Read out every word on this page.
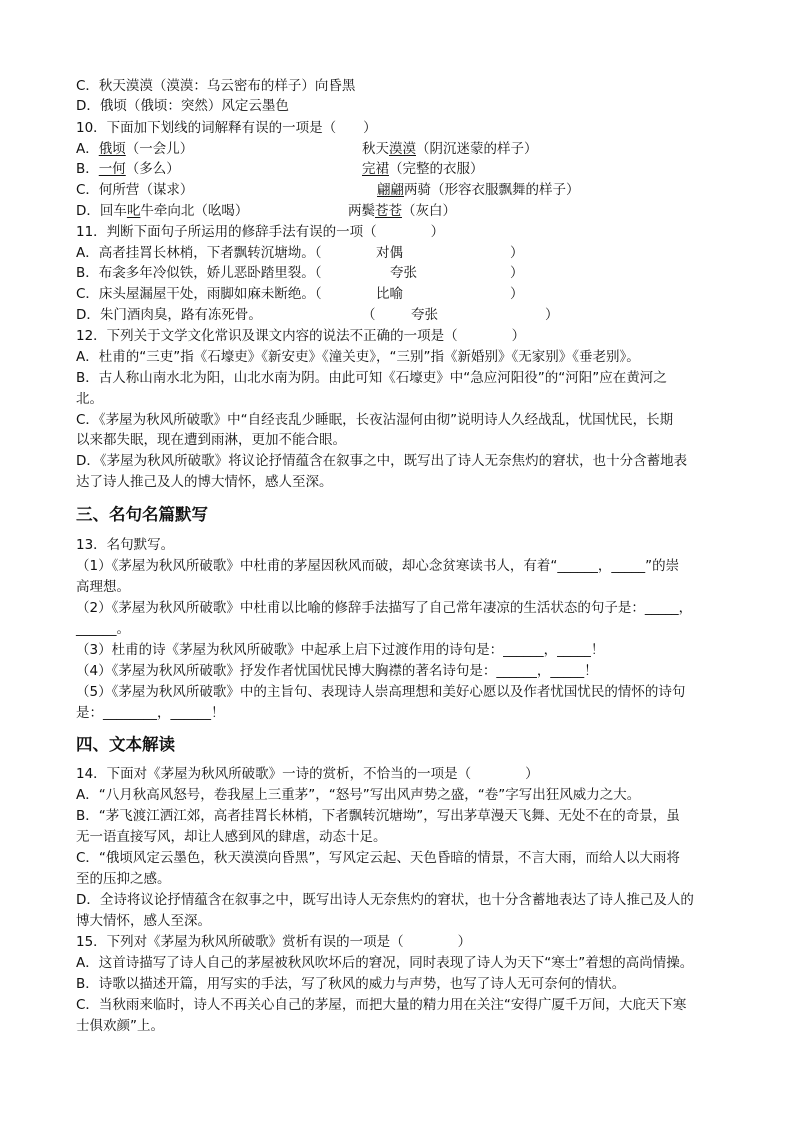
C．秋天漠漠（漠漠：乌云密布的样子）向昏黑
D．俄顷（俄顷：突然）风定云墨色
10．下面加下划线的词解释有误的一项是（　　）
A．俄顷（一会儿）	秋天漠漠（阴沉迷蒙的样子）
B．一何（多么）	完裙（完整的衣服）
C．何所营（谋求）	翩翩两骑（形容衣服飘舞的样子）
D．回车叱牛牵向北（吆喝）	两鬓苍苍（灰白）
11．判断下面句子所运用的修辞手法有误的一项（　　　　）
A．高者挂罥长林梢，下者飘转沉塘坳。（	对偶	）
B．布衾多年冷似铁，娇儿恶卧踏里裂。（	夸张	）
C．床头屋漏屋干处，雨脚如麻未断绝。（	比喻	）
D．朱门酒肉臭，路有冻死骨。	（	夸张	）
12．下列关于文学文化常识及课文内容的说法不正确的一项是（　　　　）
A．杜甫的“三吏”指《石壕吏》《新安吏》《潼关吏》，“三别”指《新婚别》《无家别》《垂老别》。
B．古人称山南水北为阳，山北水南为阴。由此可知《石壕吏》中“急应河阳役”的“河阳”应在黄河之
北。
C．《茅屋为秋风所破歌》中“自经丧乱少睡眠，长夜沾湿何由彻”说明诗人久经战乱，忧国忧民，长期
以来都失眠，现在遭到雨淋，更加不能合眼。
D．《茅屋为秋风所破歌》将议论抒情蕴含在叙事之中，既写出了诗人无奈焦灼的窘状，也十分含蓄地表
达了诗人推己及人的博大情怀，感人至深。
三、名句名篇默写
13．名句默写。
（1）《茅屋为秋风所破歌》中杜甫的茅屋因秋风而破，却心念贫寒读书人，有着“______，_____”的崇
高理想。
（2）《茅屋为秋风所破歌》中杜甫以比喻的修辞手法描写了自己常年凄凉的生活状态的句子是：_____，
______。
（3）杜甫的诗《茅屋为秋风所破歌》中起承上启下过渡作用的诗句是：______，_____！
（4）《茅屋为秋风所破歌》抒发作者忧国忧民博大胸襟的著名诗句是：______，_____！
（5）《茅屋为秋风所破歌》中的主旨句、表现诗人崇高理想和美好心愿以及作者忧国忧民的情怀的诗句
是：________，______！
四、文本解读
14．下面对《茅屋为秋风所破歌》一诗的赏析，不恰当的一项是（　　　　）
A．“八月秋高风怒号，卷我屋上三重茅”，“怒号”写出风声势之盛，“卷”字写出狂风威力之大。
B．“茅飞渡江洒江郊，高者挂罥长林梢，下者飘转沉塘坳”，写出茅草漫天飞舞、无处不在的奇景，虽
无一语直接写风，却让人感到风的肆虐，动态十足。
C．“俄顷风定云墨色，秋天漠漠向昏黑”，写风定云起、天色昏暗的情景，不言大雨，而给人以大雨将
至的压抑之感。
D．全诗将议论抒情蕴含在叙事之中，既写出诗人无奈焦灼的窘状，也十分含蓄地表达了诗人推己及人的
博大情怀，感人至深。
15．下列对《茅屋为秋风所破歌》赏析有误的一项是（　　　　）
A．这首诗描写了诗人自己的茅屋被秋风吹坏后的窘况，同时表现了诗人为天下“寒士”着想的高尚情操。
B．诗歌以描述开篇，用写实的手法，写了秋风的威力与声势，也写了诗人无可奈何的情状。
C．当秋雨来临时，诗人不再关心自己的茅屋，而把大量的精力用在关注“安得广厦千万间，大庇天下寒
士俱欢颜”上。
